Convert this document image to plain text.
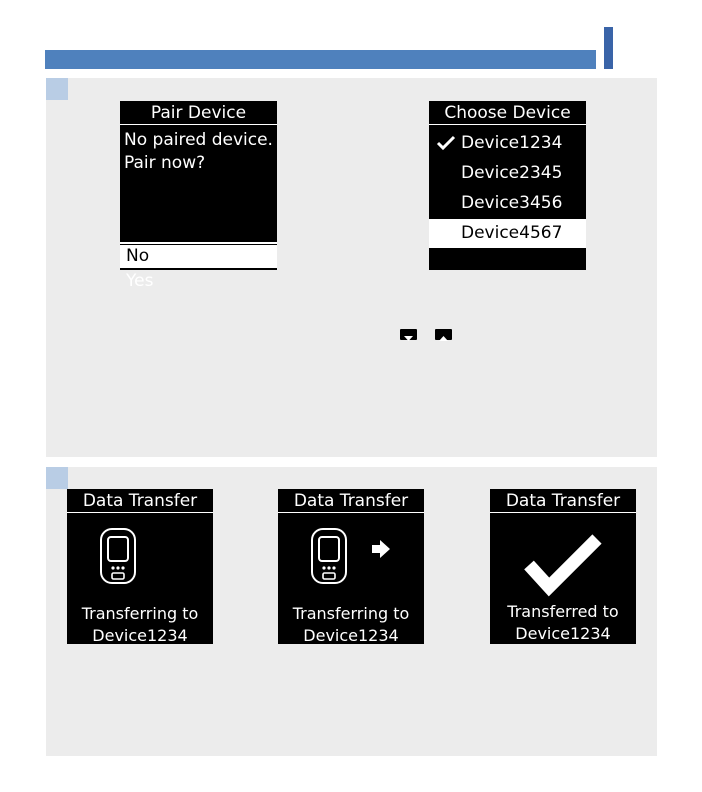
Pair Device
No paired device.
Pair now?
No
Yes
Choose Device
Device1234
Device2345
Device3456
Device4567
Data Transfer
Transferring to
Device1234
Data Transfer
Transferring to
Device1234
Data Transfer
Transferred to
Device1234
